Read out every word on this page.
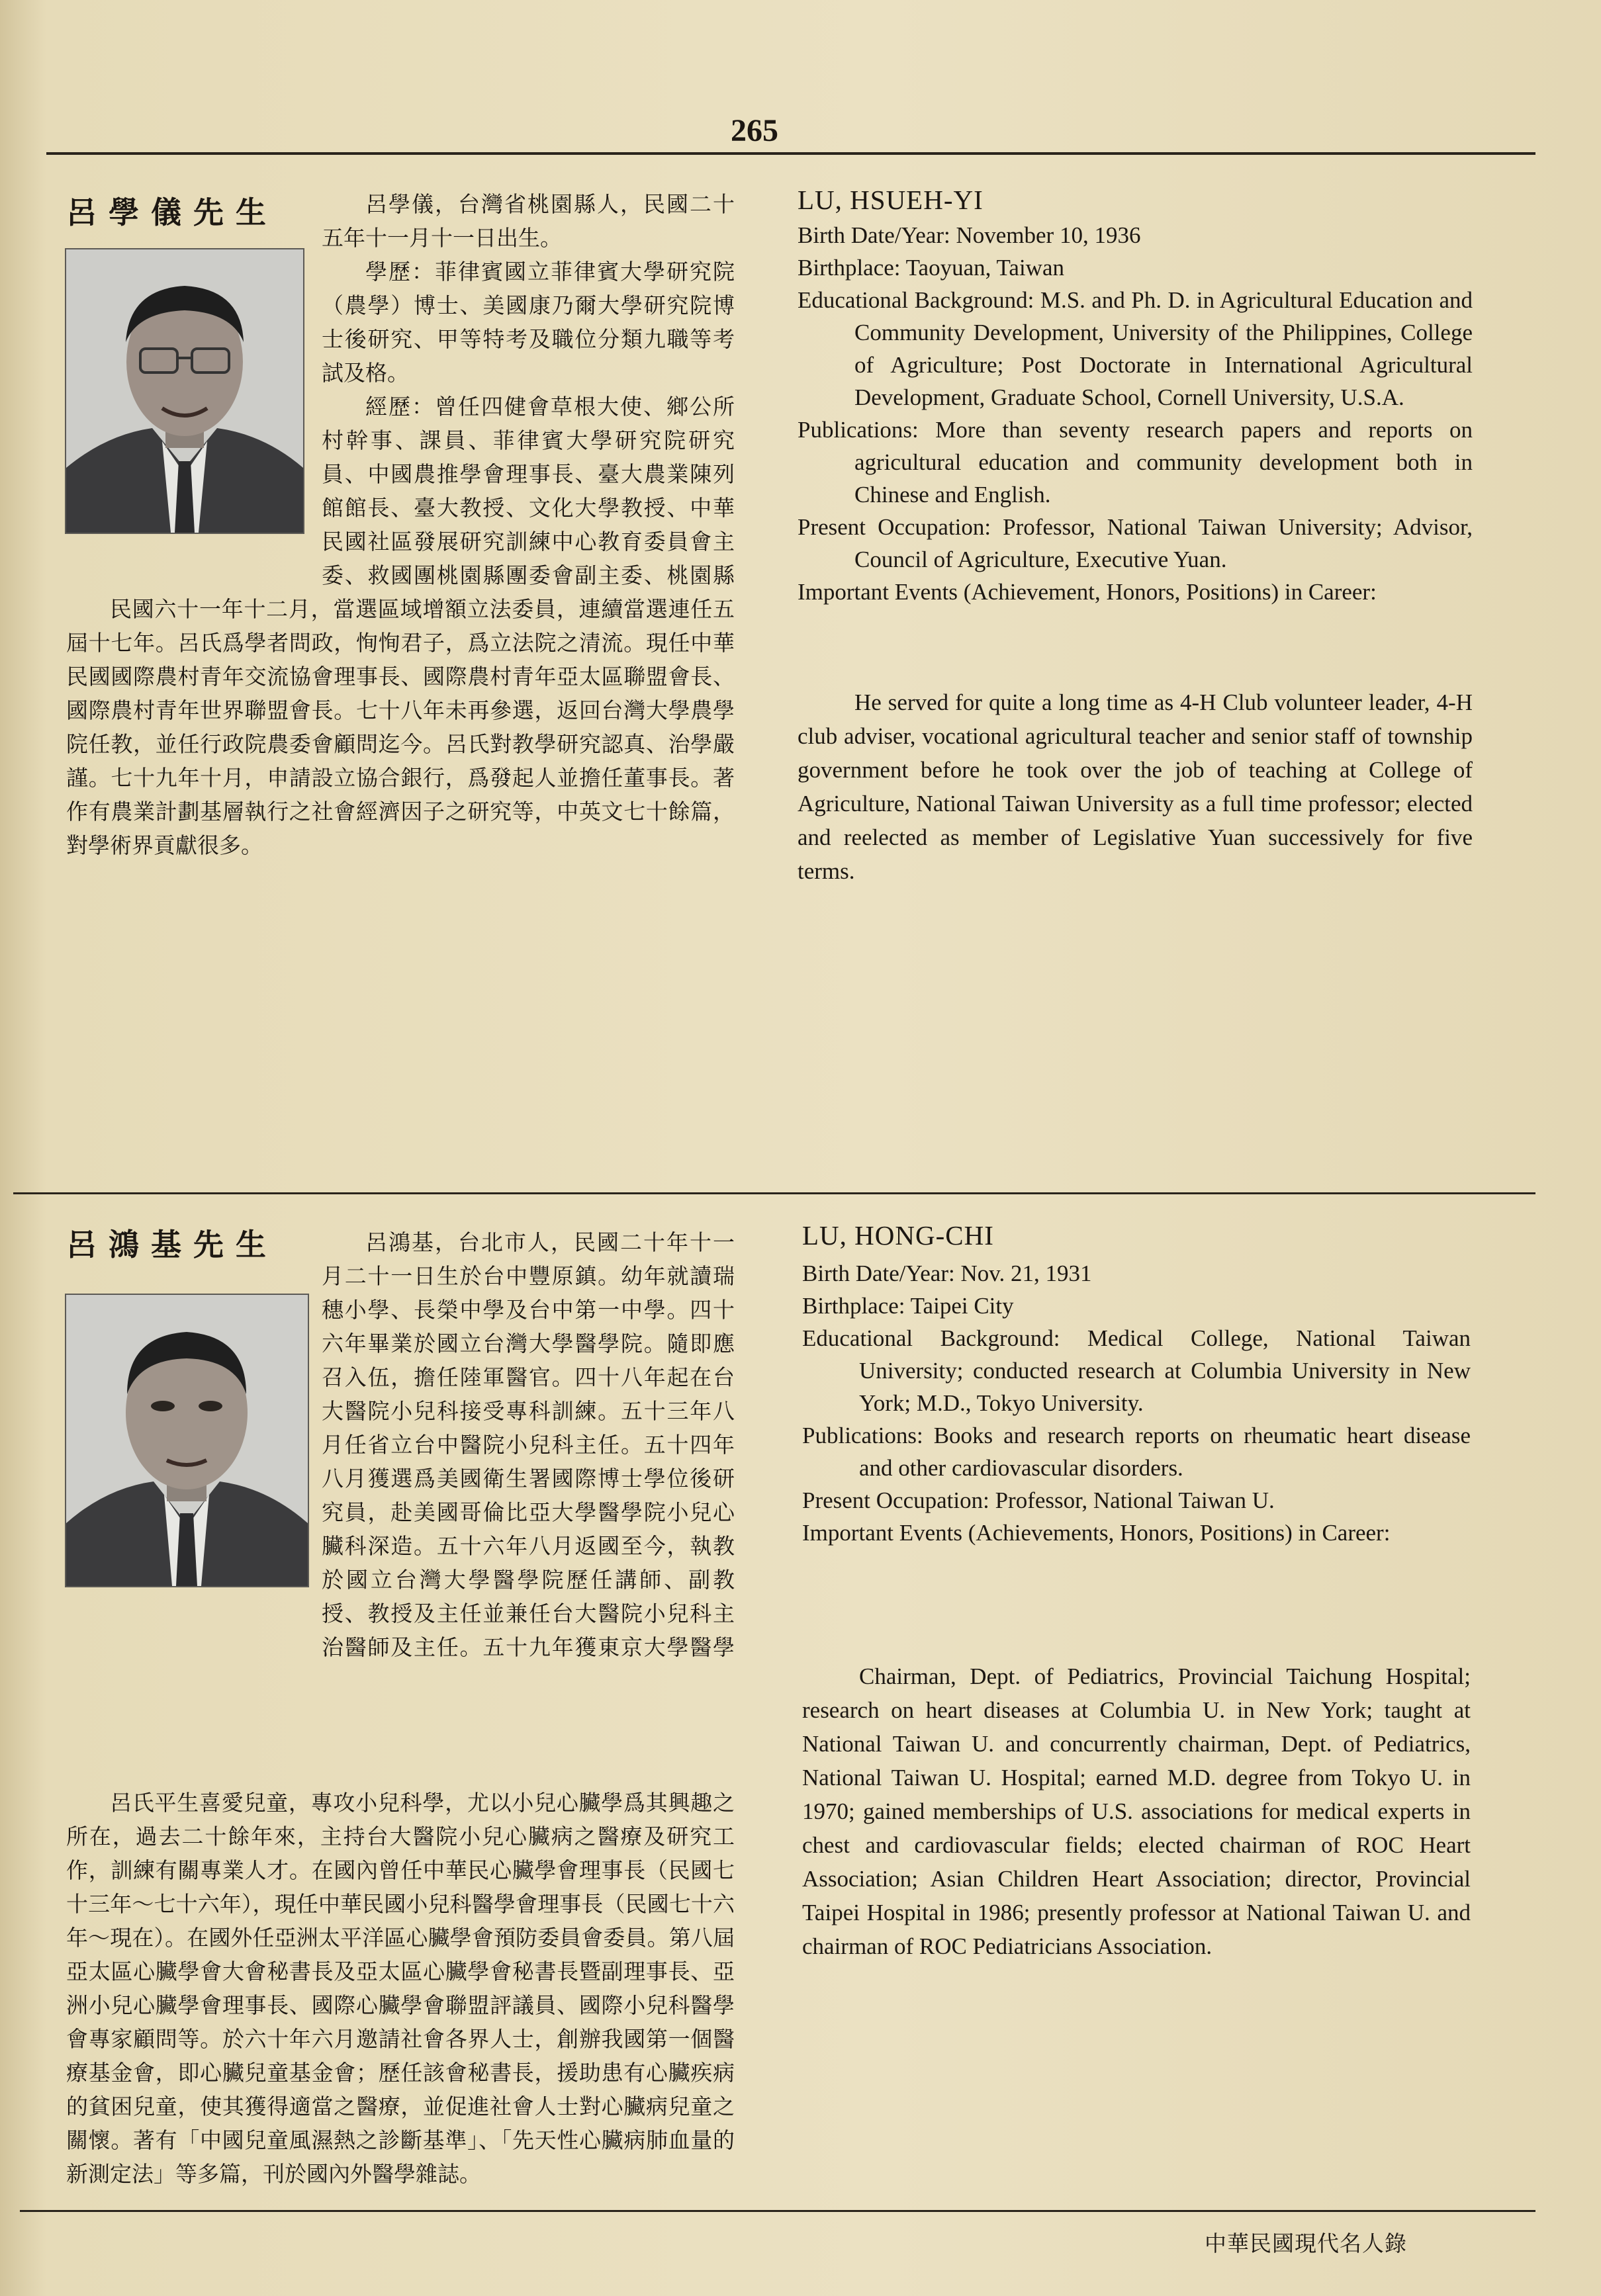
265
呂學儀先生	呂學儀，台灣省桃園縣人，民國二十五年十一月十一日出生。
學歷：菲律賓國立菲律賓大學研究院（農學）博士、美國康乃爾大學研究院博士後研究、甲等特考及職位分類九職等考試及格。

經歷：曾任四健會草根大使、鄉公所村幹事、課員、菲律賓大學研究院研究員、中國農推學會理事長、臺大農業陳列館館長、臺大教授、文化大學教授、中華民國社區發展研究訓練中心教育委員會主委、救國團桃園縣團委會副主委、桃園縣

民國六十一年十二月，當選區域增額立法委員，連續當選連任五屆十七年。呂氏爲學者問政，恂恂君子，爲立法院之清流。現任中華民國國際農村青年交流協會理事長、國際農村青年亞太區聯盟會長、國際農村青年世界聯盟會長。七十八年未再參選，返回台灣大學農學院任教，並任行政院農委會顧問迄今。呂氏對教學研究認真、治學嚴謹。七十九年十月，申請設立協合銀行，爲發起人並擔任董事長。著作有農業計劃基層執行之社會經濟因子之研究等，中英文七十餘篇，對學術界貢獻很多。

LU, HSUEH-YI

Birth Date/Year: November 10, 1936

Birthplace: Taoyuan, Taiwan

Educational Background: M.S. and Ph. D. in Agricultural Education and Community Development, University of the Philippines, College of Agriculture; Post Doctorate in International Agricultural Development, Graduate School, Cornell University, U.S.A.

Publications: More than seventy research papers and reports on agricultural education and community development both in Chinese and English.

Present Occupation: Professor, National Taiwan University; Advisor, Council of Agriculture, Executive Yuan.

Important Events (Achievement, Honors, Positions) in Career:

He served for quite a long time as 4-H Club volunteer leader, 4-H club adviser, vocational agricultural teacher and senior staff of township government before he took over the job of teaching at College of Agriculture, National Taiwan University as a full time professor; elected and reelected as member of Legislative Yuan successively for five terms.

呂鴻基先生	呂鴻基，台北市人，民國二十年十一月二十一日生於台中豐原鎮。幼年就讀瑞穗小學、長榮中學及台中第一中學。四十六年畢業於國立台灣大學醫學院。隨即應召入伍，擔任陸軍醫官。四十八年起在台大醫院小兒科接受專科訓練。五十三年八月任省立台中醫院小兒科主任。五十四年八月獲選爲美國衛生署國際博士學位後研究員，赴美國哥倫比亞大學醫學院小兒心臟科深造。五十六年八月返國至今，執教於國立台灣大學醫學院歷任講師、副教授、教授及主任並兼任台大醫院小兒科主治醫師及主任。五十九年獲東京大學醫學

呂氏平生喜愛兒童，專攻小兒科學，尤以小兒心臟學爲其興趣之所在，過去二十餘年來，主持台大醫院小兒心臟病之醫療及研究工作，訓練有關專業人才。在國內曾任中華民心臟學會理事長（民國七十三年～七十六年），現任中華民國小兒科醫學會理事長（民國七十六年～現在）。在國外任亞洲太平洋區心臟學會預防委員會委員。第八屆亞太區心臟學會大會秘書長及亞太區心臟學會秘書長暨副理事長、亞洲小兒心臟學會理事長、國際心臟學會聯盟評議員、國際小兒科醫學會專家顧問等。於六十年六月邀請社會各界人士，創辦我國第一個醫療基金會，即心臟兒童基金會；歷任該會秘書長，援助患有心臟疾病的貧困兒童，使其獲得適當之醫療，並促進社會人士對心臟病兒童之關懷。著有「中國兒童風濕熱之診斷基準」、「先天性心臟病肺血量的新測定法」等多篇，刊於國內外醫學雜誌。

LU, HONG-CHI

Birth Date/Year: Nov. 21, 1931

Birthplace: Taipei City

Educational Background: Medical College, National Taiwan University; conducted research at Columbia University in New York; M.D., Tokyo University.

Publications: Books and research reports on rheumatic heart disease and other cardiovascular disorders.

Present Occupation: Professor, National Taiwan U.

Important Events (Achievements, Honors, Positions) in Career:

Chairman, Dept. of Pediatrics, Provincial Taichung Hospital; research on heart diseases at Columbia U. in New York; taught at National Taiwan U. and concurrently chairman, Dept. of Pediatrics, National Taiwan U. Hospital; earned M.D. degree from Tokyo U. in 1970; gained memberships of U.S. associations for medical experts in chest and cardiovascular fields; elected chairman of ROC Heart Association; Asian Children Heart Association; director, Provincial Taipei Hospital in 1986; presently professor at National Taiwan U. and chairman of ROC Pediatricians Association.

中華民國現代名人錄
